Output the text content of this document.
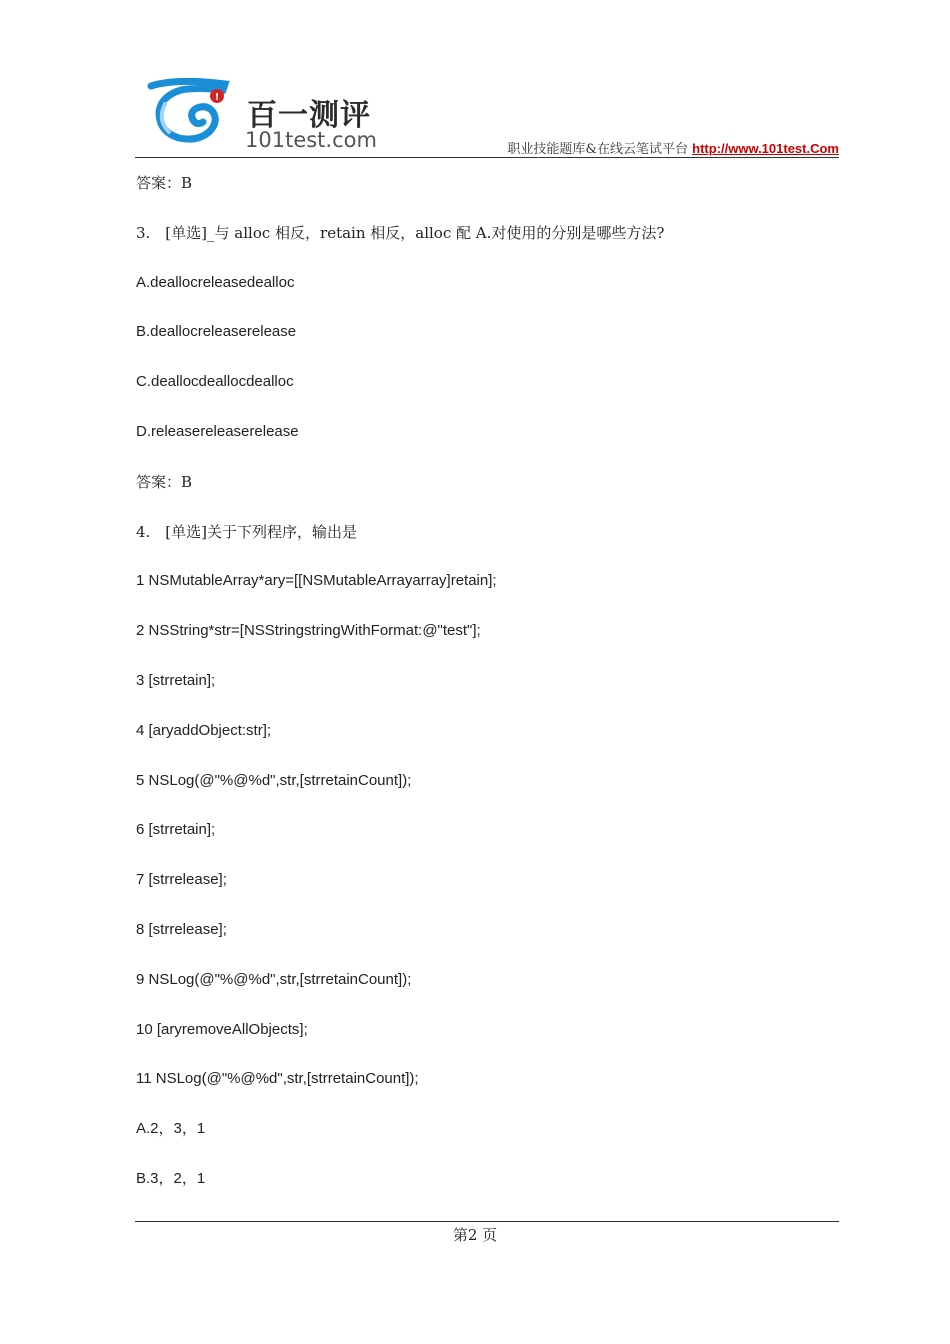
!
百一测评
101test.com	职业技能题库&在线云笔试平台 http://www.101test.Com
答案：B
3.　[单选]_与 alloc 相反，retain 相反，alloc 配 A.对使用的分别是哪些方法?
A.deallocreleasedealloc
B.deallocreleaserelease
C.deallocdeallocdealloc
D.releasereleaserelease
答案：B
4.　[单选]关于下列程序，输出是
1 NSMutableArray*ary=[[NSMutableArrayarray]retain];
2 NSString*str=[NSStringstringWithFormat:@"test"];
3 [strretain];
4 [aryaddObject:str];
5 NSLog(@"%@%d",str,[strretainCount]);
6 [strretain];
7 [strrelease];
8 [strrelease];
9 NSLog(@"%@%d",str,[strretainCount]);
10 [aryremoveAllObjects];
11 NSLog(@"%@%d",str,[strretainCount]);
A.2，3，1
B.3，2，1
第2 页
